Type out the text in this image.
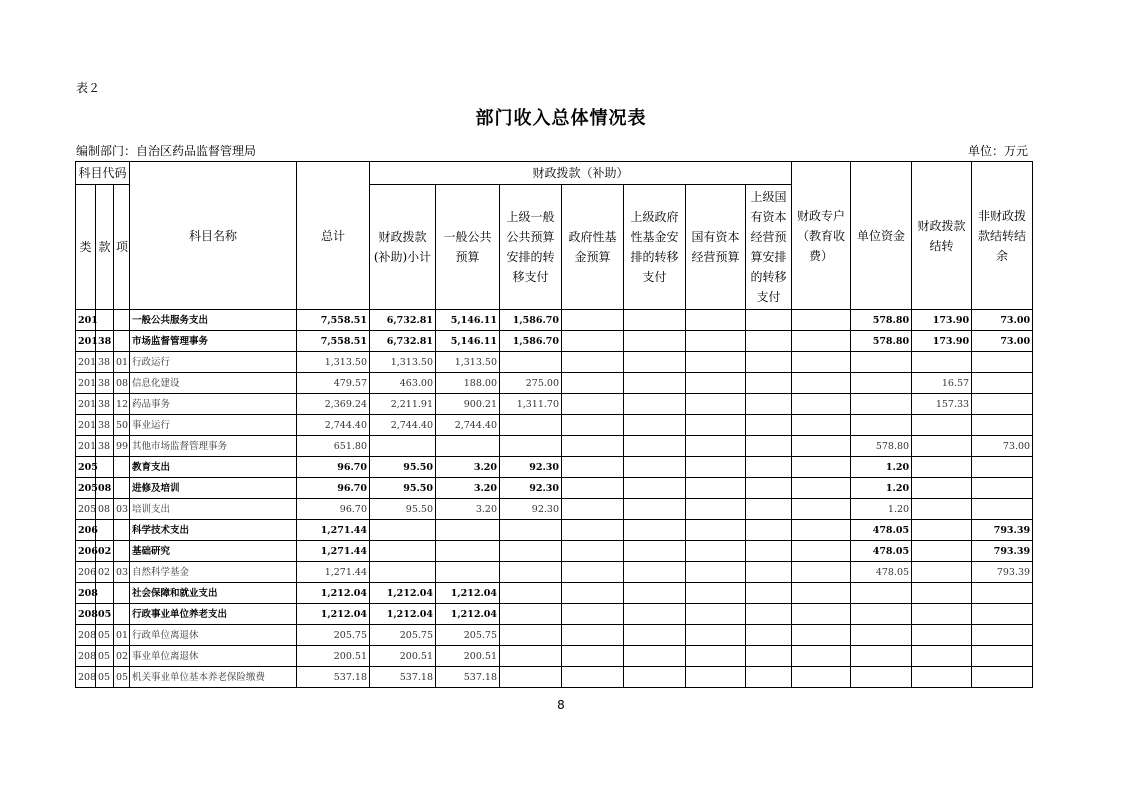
表２
部门收入总体情况表
编制部门：自治区药品监督管理局	单位：万元
科目代码			科目名称	总计	财政拨款（补助）							财政专户（教育收费）	单位资金	财政拨款结转	非财政拨款结转结余
类	款	项			财政拨款(补助)小计	一般公共预算	上级一般公共预算安排的转移支付	政府性基金预算	上级政府性基金安排的转移支付	国有资本经营预算	上级国有资本经营预算安排的转移支付				
201			一般公共服务支出	7,558.51	6,732.81	5,146.11	1,586.70						578.80	173.90	73.00
201	38		市场监督管理事务	7,558.51	6,732.81	5,146.11	1,586.70						578.80	173.90	73.00
201	38	01	行政运行	1,313.50	1,313.50	1,313.50									
201	38	08	信息化建设	479.57	463.00	188.00	275.00							16.57	
201	38	12	药品事务	2,369.24	2,211.91	900.21	1,311.70							157.33	
201	38	50	事业运行	2,744.40	2,744.40	2,744.40									
201	38	99	其他市场监督管理事务	651.80									578.80		73.00
205			教育支出	96.70	95.50	3.20	92.30						1.20		
205	08		进修及培训	96.70	95.50	3.20	92.30						1.20		
205	08	03	培训支出	96.70	95.50	3.20	92.30						1.20		
206			科学技术支出	1,271.44									478.05		793.39
206	02		基础研究	1,271.44									478.05		793.39
206	02	03	自然科学基金	1,271.44									478.05		793.39
208			社会保障和就业支出	1,212.04	1,212.04	1,212.04									
208	05		行政事业单位养老支出	1,212.04	1,212.04	1,212.04									
208	05	01	行政单位离退休	205.75	205.75	205.75									
208	05	02	事业单位离退休	200.51	200.51	200.51									
208	05	05	机关事业单位基本养老保险缴费	537.18	537.18	537.18									
8
